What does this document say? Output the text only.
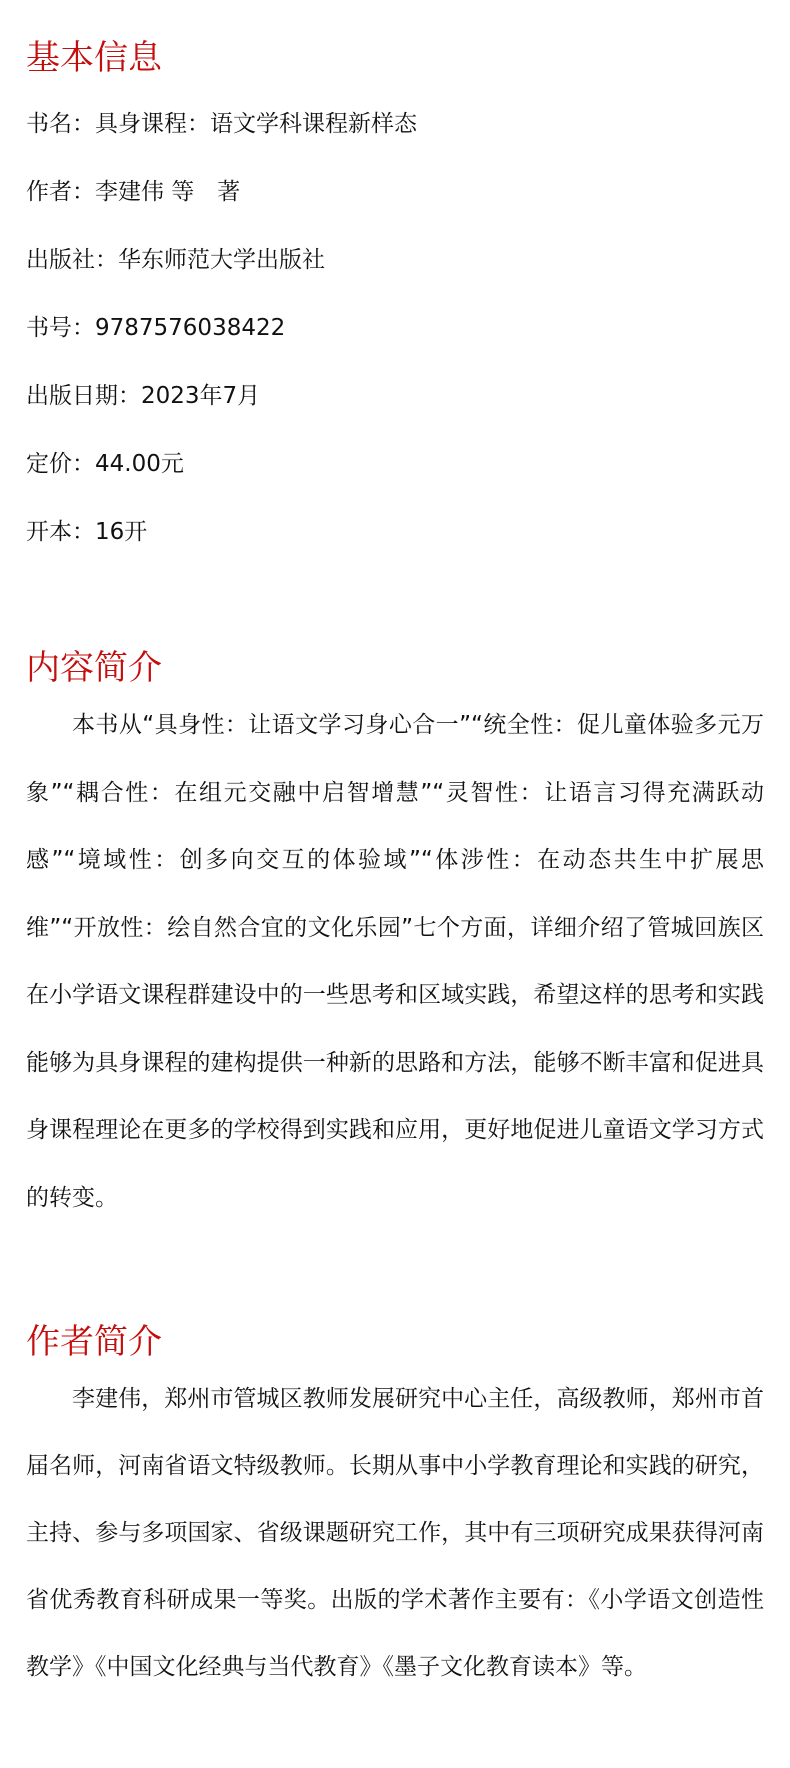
基本信息

书名：具身课程：语文学科课程新样态

作者：李建伟 等　著

出版社：华东师范大学出版社

书号：9787576038422

出版日期：2023年7月

定价：44.00元

开本：16开

内容简介

本书从“具身性：让语文学习身心合一”“统全性：促儿童体验多元万象”“耦合性：在组元交融中启智增慧”“灵智性：让语言习得充满跃动感”“境域性：创多向交互的体验域”“体涉性：在动态共生中扩展思维”“开放性：绘自然合宜的文化乐园”七个方面，详细介绍了管城回族区在小学语文课程群建设中的一些思考和区域实践，希望这样的思考和实践能够为具身课程的建构提供一种新的思路和方法，能够不断丰富和促进具身课程理论在更多的学校得到实践和应用，更好地促进儿童语文学习方式的转变。

作者简介

李建伟，郑州市管城区教师发展研究中心主任，高级教师，郑州市首届名师，河南省语文特级教师。长期从事中小学教育理论和实践的研究，主持、参与多项国家、省级课题研究工作，其中有三项研究成果获得河南省优秀教育科研成果一等奖。出版的学术著作主要有：《小学语文创造性教学》《中国文化经典与当代教育》《墨子文化教育读本》等。
